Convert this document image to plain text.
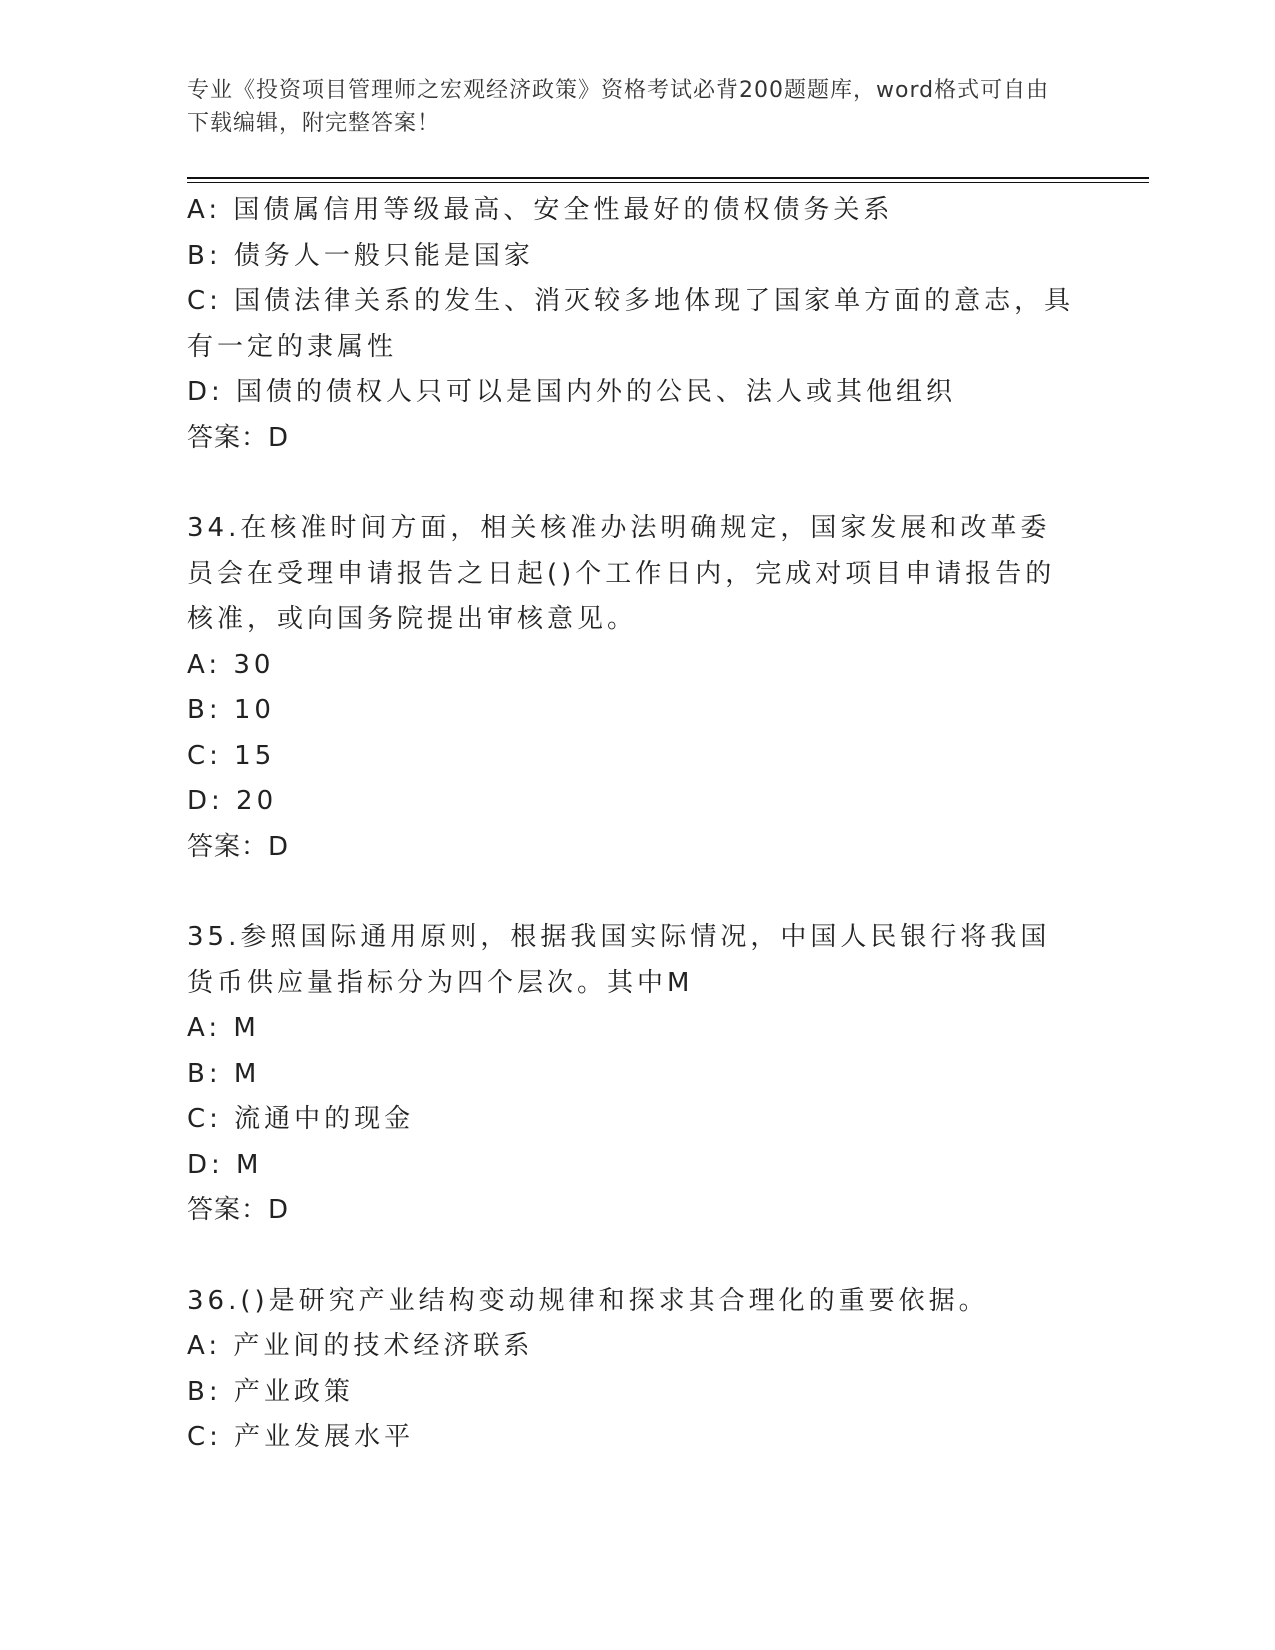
专业《投资项目管理师之宏观经济政策》资格考试必背200题题库，word格式可自由下载编辑，附完整答案！

A: 国债属信用等级最高、安全性最好的债权债务关系

B: 债务人一般只能是国家

C: 国债法律关系的发生、消灭较多地体现了国家单方面的意志，具有一定的隶属性

D: 国债的债权人只可以是国内外的公民、法人或其他组织

答案：D

34.在核准时间方面，相关核准办法明确规定，国家发展和改革委员会在受理申请报告之日起()个工作日内，完成对项目申请报告的核准，或向国务院提出审核意见。

A: 30

B: 10

C: 15

D: 20

答案：D

35.参照国际通用原则，根据我国实际情况，中国人民银行将我国货币供应量指标分为四个层次。其中M

A: M

B: M

C: 流通中的现金

D: M

答案：D

36.()是研究产业结构变动规律和探求其合理化的重要依据。

A: 产业间的技术经济联系

B: 产业政策

C: 产业发展水平
